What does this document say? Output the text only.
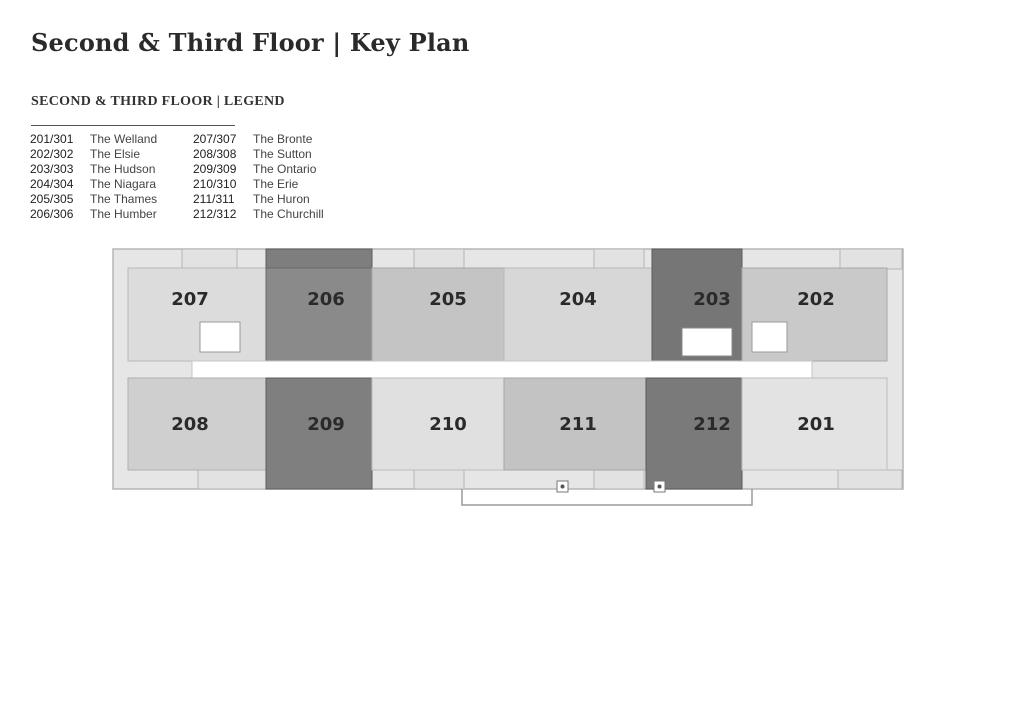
Second & Third Floor | Key Plan
SECOND & THIRD FLOOR | LEGEND
201/301	The Welland
202/302	The Elsie
203/303	The Hudson
204/304	The Niagara
205/305	The Thames
206/306	The Humber
207/307	The Bronte
208/308	The Sutton
209/309	The Ontario
210/310	The Erie
211/311	The Huron
212/312	The Churchill
207	206	205	204	203	202
208	209	210	211	212	201
